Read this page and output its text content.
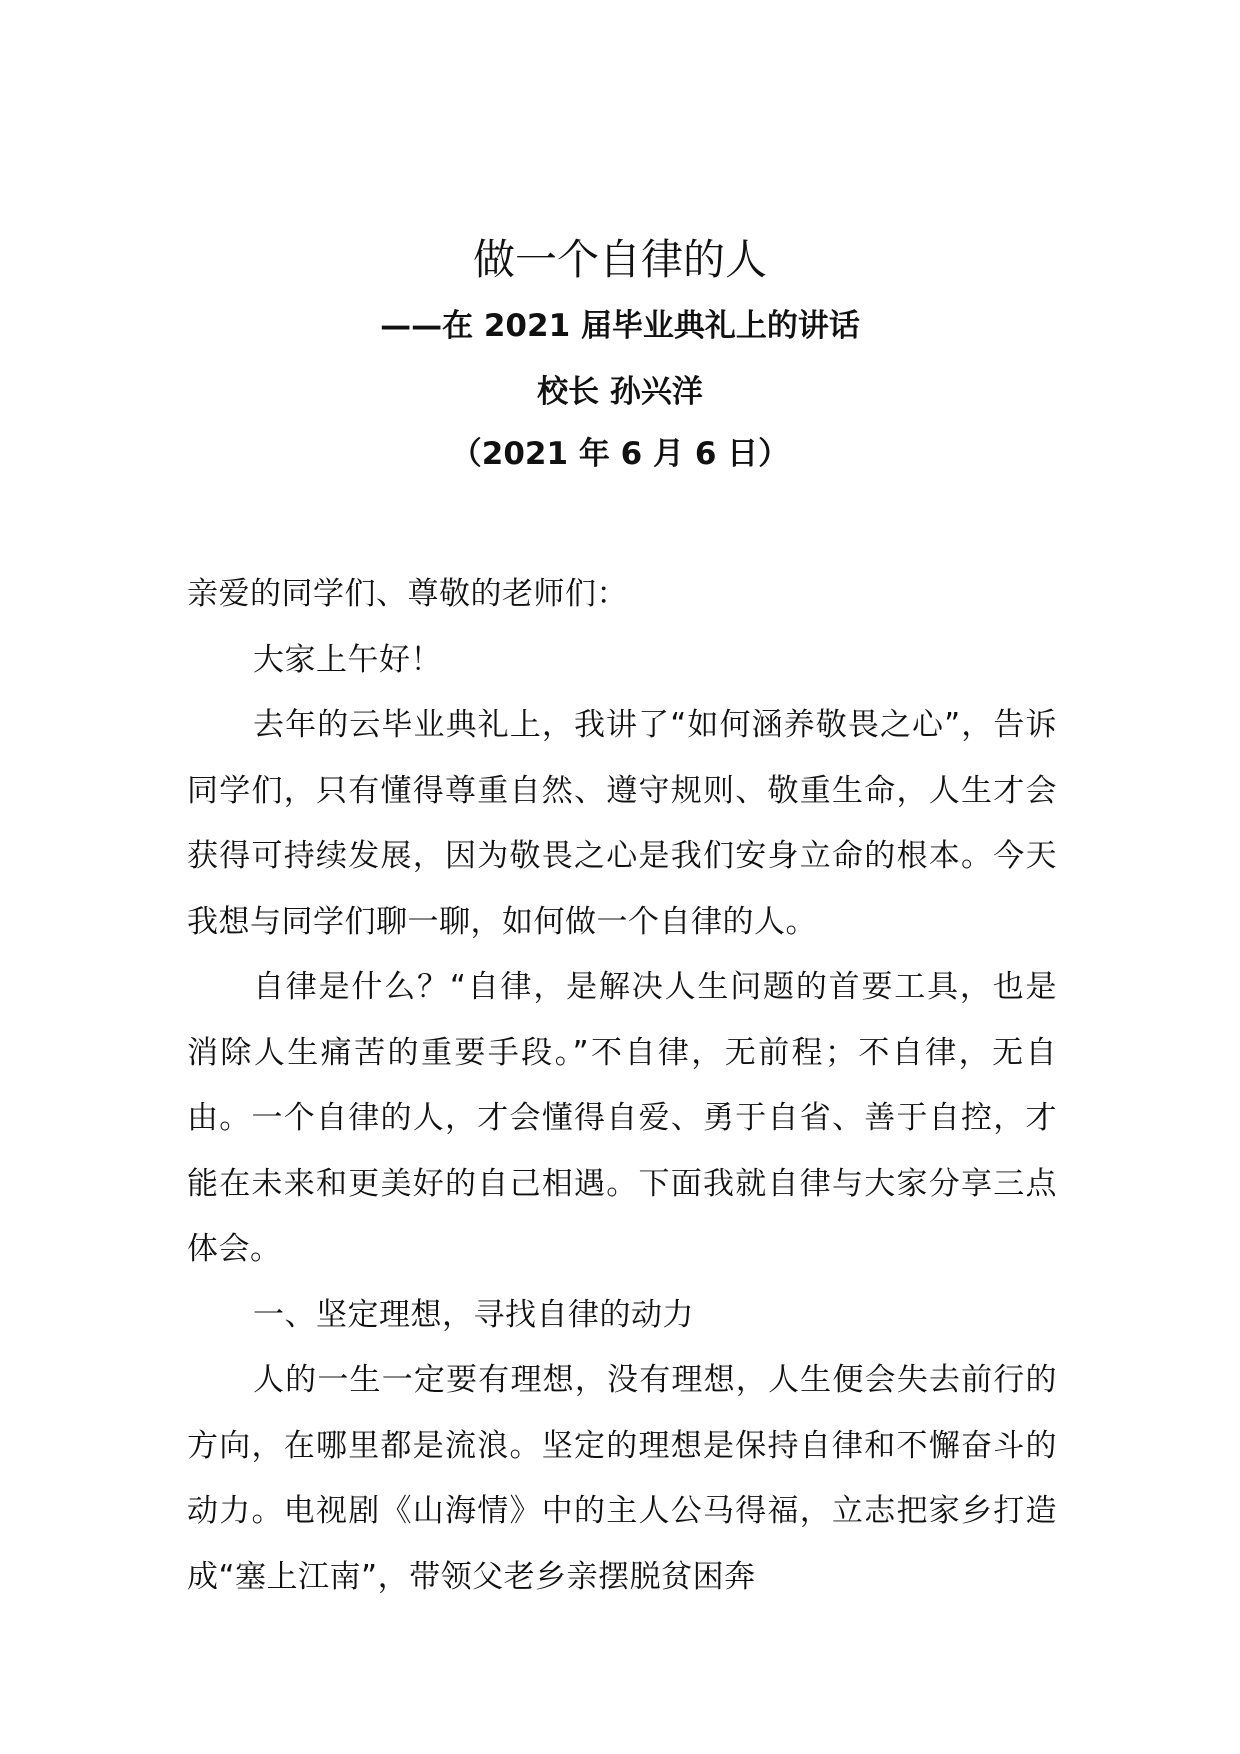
做一个自律的人
——在 2021 届毕业典礼上的讲话
校长 孙兴洋
（2021 年 6 月 6 日）

亲爱的同学们、尊敬的老师们：

大家上午好！

去年的云毕业典礼上，我讲了“如何涵养敬畏之心”，告诉同学们，只有懂得尊重自然、遵守规则、敬重生命，人生才会获得可持续发展，因为敬畏之心是我们安身立命的根本。今天我想与同学们聊一聊，如何做一个自律的人。

自律是什么？“自律，是解决人生问题的首要工具，也是消除人生痛苦的重要手段。”不自律，无前程；不自律，无自由。一个自律的人，才会懂得自爱、勇于自省、善于自控，才能在未来和更美好的自己相遇。下面我就自律与大家分享三点体会。

一、坚定理想，寻找自律的动力

人的一生一定要有理想，没有理想，人生便会失去前行的方向，在哪里都是流浪。坚定的理想是保持自律和不懈奋斗的动力。电视剧《山海情》中的主人公马得福，立志把家乡打造成“塞上江南”，带领父老乡亲摆脱贫困奔
